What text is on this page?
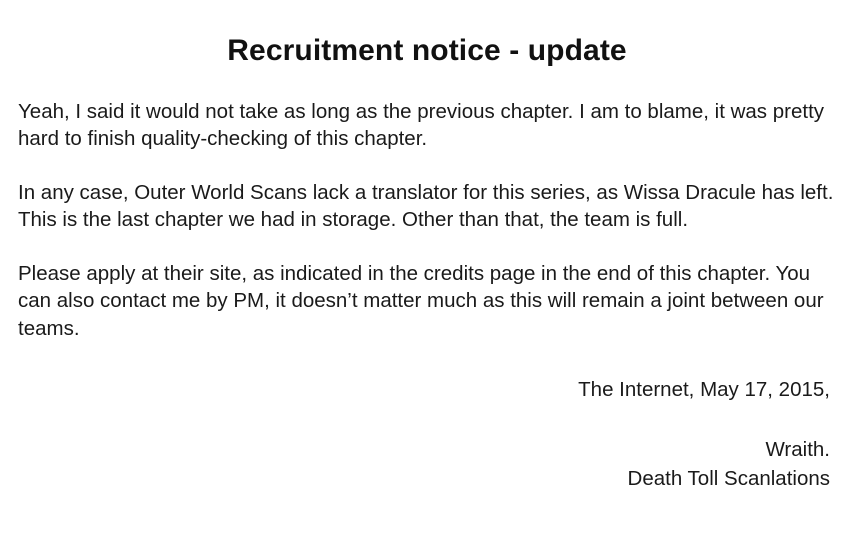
Recruitment notice - update

Yeah, I said it would not take as long as the previous chapter. I am to blame, it was pretty hard to finish quality-checking of this chapter.

In any case, Outer World Scans lack a translator for this series, as Wissa Dracule has left. This is the last chapter we had in storage. Other than that, the team is full.

Please apply at their site, as indicated in the credits page in the end of this chapter. You can also contact me by PM, it doesn’t matter much as this will remain a joint between our teams.

The Internet, May 17, 2015,
Wraith.
Death Toll Scanlations
